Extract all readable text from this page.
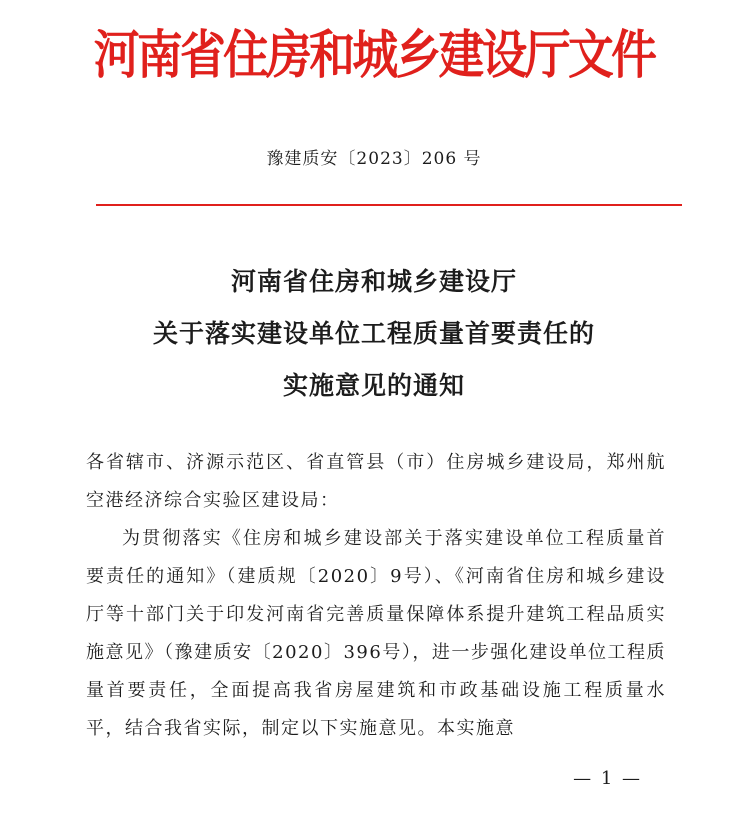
河南省住房和城乡建设厅文件
豫建质安〔2023〕206 号
河南省住房和城乡建设厅
关于落实建设单位工程质量首要责任的
实施意见的通知

各省辖市、济源示范区、省直管县（市）住房城乡建设局，郑州航空港经济综合实验区建设局：

为贯彻落实《住房和城乡建设部关于落实建设单位工程质量首要责任的通知》（建质规〔2020〕9号）、《河南省住房和城乡建设厅等十部门关于印发河南省完善质量保障体系提升建筑工程品质实施意见》（豫建质安〔2020〕396号），进一步强化建设单位工程质量首要责任，全面提高我省房屋建筑和市政基础设施工程质量水平，结合我省实际，制定以下实施意见。本实施意

— 1 —
